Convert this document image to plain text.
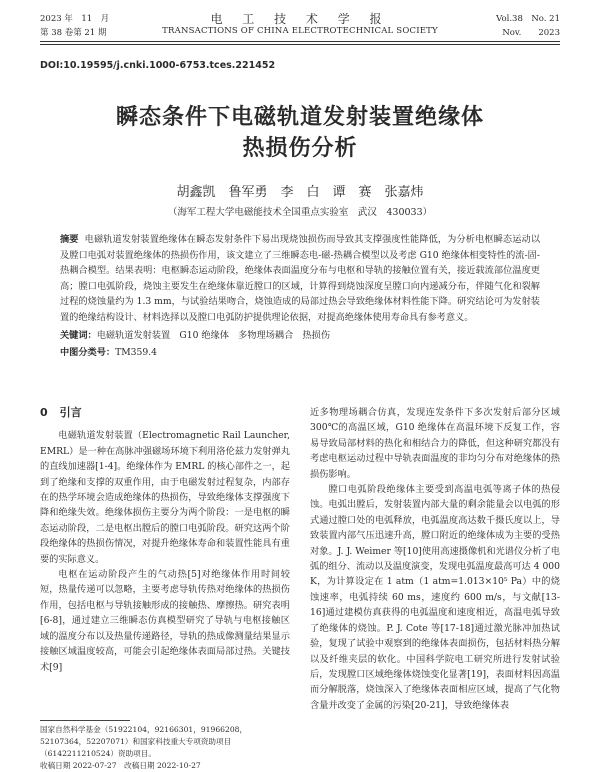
2023 年　11　月
第 38 卷第 21 期
电 工 技 术 学 报
TRANSACTIONS OF CHINA ELECTROTECHNICAL SOCIETY
Vol.38　No. 21
Nov.　　2023
DOI:10.19595/j.cnki.1000-6753.tces.221452
瞬态条件下电磁轨道发射装置绝缘体
热损伤分析
胡鑫凯　鲁军勇　李　白　谭　赛　张嘉炜
（海军工程大学电磁能技术全国重点实验室　武汉　430033）
摘要 电磁轨道发射装置绝缘体在瞬态发射条件下易出现烧蚀损伤而导致其支撑强度性能降低，为分析电枢瞬态运动以及膛口电弧对装置绝缘体的热损伤作用，该文建立了三维瞬态电-磁-热耦合模型以及考虑 G10 绝缘体相变特性的流-固-热耦合模型。结果表明：电枢瞬态运动阶段，绝缘体表面温度分布与电枢和导轨的接触位置有关，接近载流部位温度更高；膛口电弧阶段，烧蚀主要发生在绝缘体靠近膛口的区域，计算得到烧蚀深度呈膛口向内递减分布，伴随气化和裂解过程的烧蚀量约为 1.3 mm，与试验结果吻合，烧蚀造成的局部过热会导致绝缘体材料性能下降。研究结论可为发射装置的绝缘结构设计、材料选择以及膛口电弧防护提供理论依据，对提高绝缘体使用寿命具有参考意义。
关键词：电磁轨道发射装置　G10 绝缘体　多物理场耦合　热损伤
中图分类号：TM359.4
0 引言

电磁轨道发射装置（Electromagnetic Rail Launcher, EMRL）是一种在高脉冲强磁场环境下利用洛伦兹力发射弹丸的直线加速器[1-4]。绝缘体作为 EMRL 的核心部件之一，起到了绝缘和支撑的双重作用，由于电磁发射过程复杂，内部存在的热学环境会造成绝缘体的热损伤，导致绝缘体支撑强度下降和绝缘失效。绝缘体损伤主要分为两个阶段：一是电枢的瞬态运动阶段，二是电枢出膛后的膛口电弧阶段。研究这两个阶段绝缘体的热损伤情况，对提升绝缘体寿命和装置性能具有重要的实际意义。

电枢在运动阶段产生的气动热[5]对绝缘体作用时间较短，热量传递可以忽略，主要考虑导轨传热对绝缘体的热损伤作用，包括电枢与导轨接触形成的接触热、摩擦热。研究表明[6-8]，通过建立三维瞬态仿真模型研究了导轨与电枢接触区域的温度分布以及热量传递路径，导轨的热成像测量结果显示接触区域温度较高，可能会引起绝缘体表面局部过热。关键技术[9]

近多物理场耦合仿真，发现连发条件下多次发射后部分区域 300℃的高温区域，G10 绝缘体在高温环境下反复工作，容易导致局部材料的热化和相结合力的降低，但这种研究都没有考虑电枢运动过程中导轨表面温度的非均匀分布对绝缘体的热损伤影响。

膛口电弧阶段绝缘体主要受到高温电弧等离子体的热侵蚀。电弧出膛后，发射装置内部大量的剩余能量会以电弧的形式通过膛口处的电弧释放，电弧温度高达数千摄氏度以上，导致装置内部气压迅速升高，膛口附近的绝缘体成为主要的受热对象。J. J. Weimer 等[10]使用高速摄像机和光谱仪分析了电弧的组分、流动以及温度演变，发现电弧温度最高可达 4 000 K，为计算设定在 1 atm（1 atm=1.013×10⁵ Pa）中的烧蚀速率，电弧持续 60 ms，速度约 600 m/s，与文献[13-16]通过建模仿真获得的电弧温度和速度相近，高温电弧导致了绝缘体的烧蚀。P. J. Cote 等[17-18]通过激光脉冲加热试验，复现了试验中观察到的绝缘体表面损伤，包括材料热分解以及纤维夹层的软化。中国科学院电工研究所进行发射试验后，发现膛口区域绝缘体烧蚀变化显著[19]，表面材料因高温而分解脱落，烧蚀深入了绝缘体表面相应区域，提高了气化物含量并改变了金属的污染[20-21]，导致绝缘体表

国家自然科学基金（51922104，92166301，91966208，52107364，52207071）和国家科技重大专项资助项目（6142211210524）资助项目。
收稿日期 2022-07-27　改稿日期 2022-10-27
